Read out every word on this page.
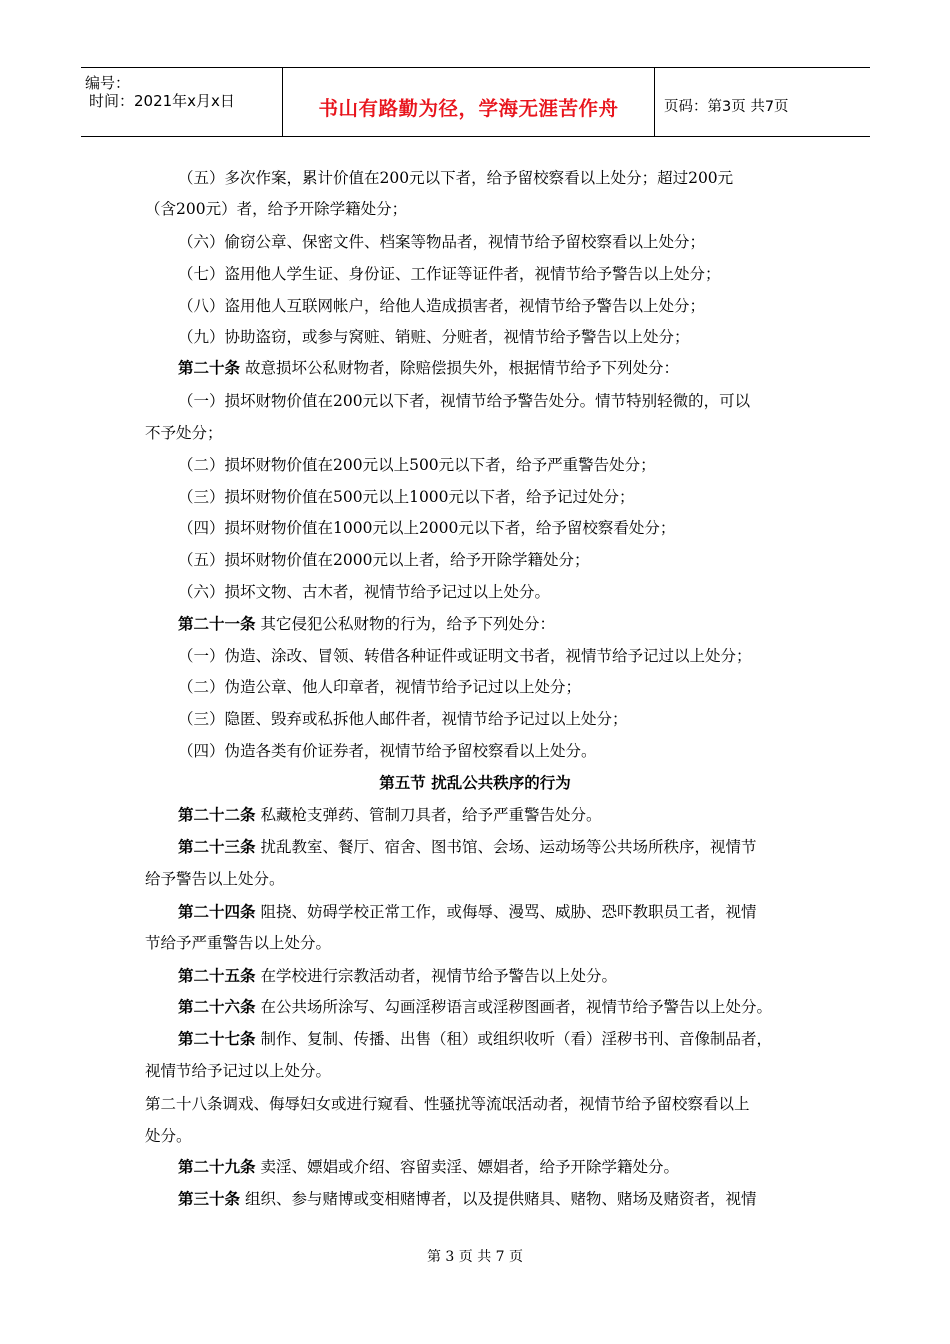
编号：
时间：2021年x月x日	书山有路勤为径，学海无涯苦作舟	页码：第3页 共7页
（五）多次作案，累计价值在200元以下者，给予留校察看以上处分；超过200元
（含200元）者，给予开除学籍处分；
（六）偷窃公章、保密文件、档案等物品者，视情节给予留校察看以上处分；
（七）盗用他人学生证、身份证、工作证等证件者，视情节给予警告以上处分；
（八）盗用他人互联网帐户，给他人造成损害者，视情节给予警告以上处分；
（九）协助盗窃，或参与窝赃、销赃、分赃者，视情节给予警告以上处分；
第二十条 故意损坏公私财物者，除赔偿损失外，根据情节给予下列处分：
（一）损坏财物价值在200元以下者，视情节给予警告处分。情节特别轻微的，可以
不予处分；
（二）损坏财物价值在200元以上500元以下者，给予严重警告处分；
（三）损坏财物价值在500元以上1000元以下者，给予记过处分；
（四）损坏财物价值在1000元以上2000元以下者，给予留校察看处分；
（五）损坏财物价值在2000元以上者，给予开除学籍处分；
（六）损坏文物、古木者，视情节给予记过以上处分。
第二十一条 其它侵犯公私财物的行为，给予下列处分：
（一）伪造、涂改、冒领、转借各种证件或证明文书者，视情节给予记过以上处分；
（二）伪造公章、他人印章者，视情节给予记过以上处分；
（三）隐匿、毁弃或私拆他人邮件者，视情节给予记过以上处分；
（四）伪造各类有价证券者，视情节给予留校察看以上处分。
第五节 扰乱公共秩序的行为
第二十二条 私藏枪支弹药、管制刀具者，给予严重警告处分。
第二十三条 扰乱教室、餐厅、宿舍、图书馆、会场、运动场等公共场所秩序，视情节
给予警告以上处分。
第二十四条 阻挠、妨碍学校正常工作，或侮辱、漫骂、威胁、恐吓教职员工者，视情
节给予严重警告以上处分。
第二十五条 在学校进行宗教活动者，视情节给予警告以上处分。
第二十六条 在公共场所涂写、勾画淫秽语言或淫秽图画者，视情节给予警告以上处分。
第二十七条 制作、复制、传播、出售（租）或组织收听（看）淫秽书刊、音像制品者，
视情节给予记过以上处分。
第二十八条调戏、侮辱妇女或进行窥看、性骚扰等流氓活动者，视情节给予留校察看以上
处分。
第二十九条 卖淫、嫖娼或介绍、容留卖淫、嫖娼者，给予开除学籍处分。
第三十条 组织、参与赌博或变相赌博者，以及提供赌具、赌物、赌场及赌资者，视情
第 3 页 共 7 页
